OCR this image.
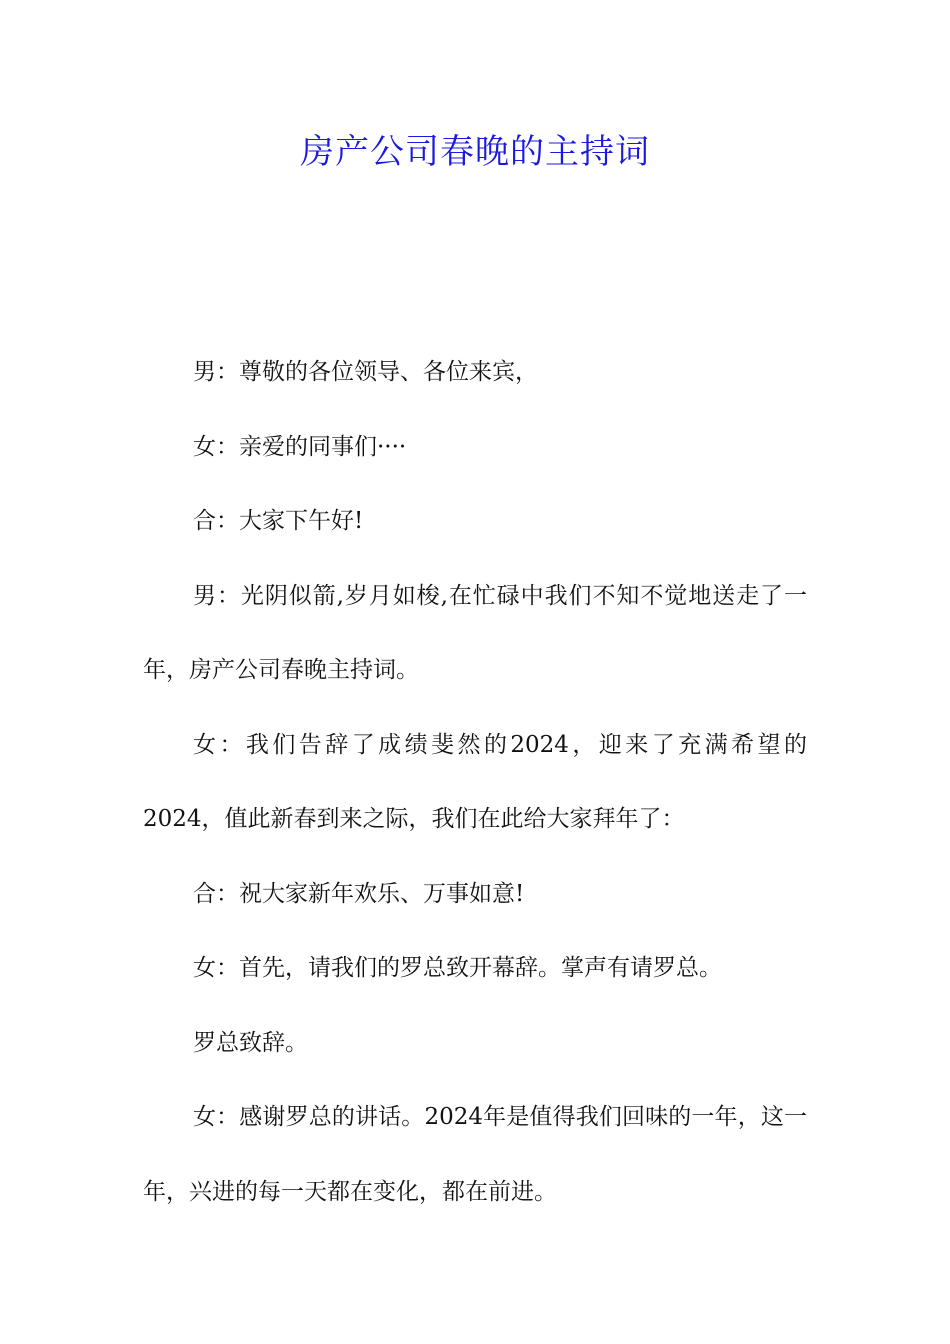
房产公司春晚的主持词

男：尊敬的各位领导、各位来宾，

女：亲爱的同事们····

合：大家下午好!

男：光阴似箭,岁月如梭,在忙碌中我们不知不觉地送走了一年，房产公司春晚主持词。

女：我们告辞了成绩斐然的2024，迎来了充满希望的2024，值此新春到来之际，我们在此给大家拜年了：

合：祝大家新年欢乐、万事如意!

女：首先，请我们的罗总致开幕辞。掌声有请罗总。

罗总致辞。

女：感谢罗总的讲话。2024年是值得我们回味的一年，这一年，兴进的每一天都在变化，都在前进。
